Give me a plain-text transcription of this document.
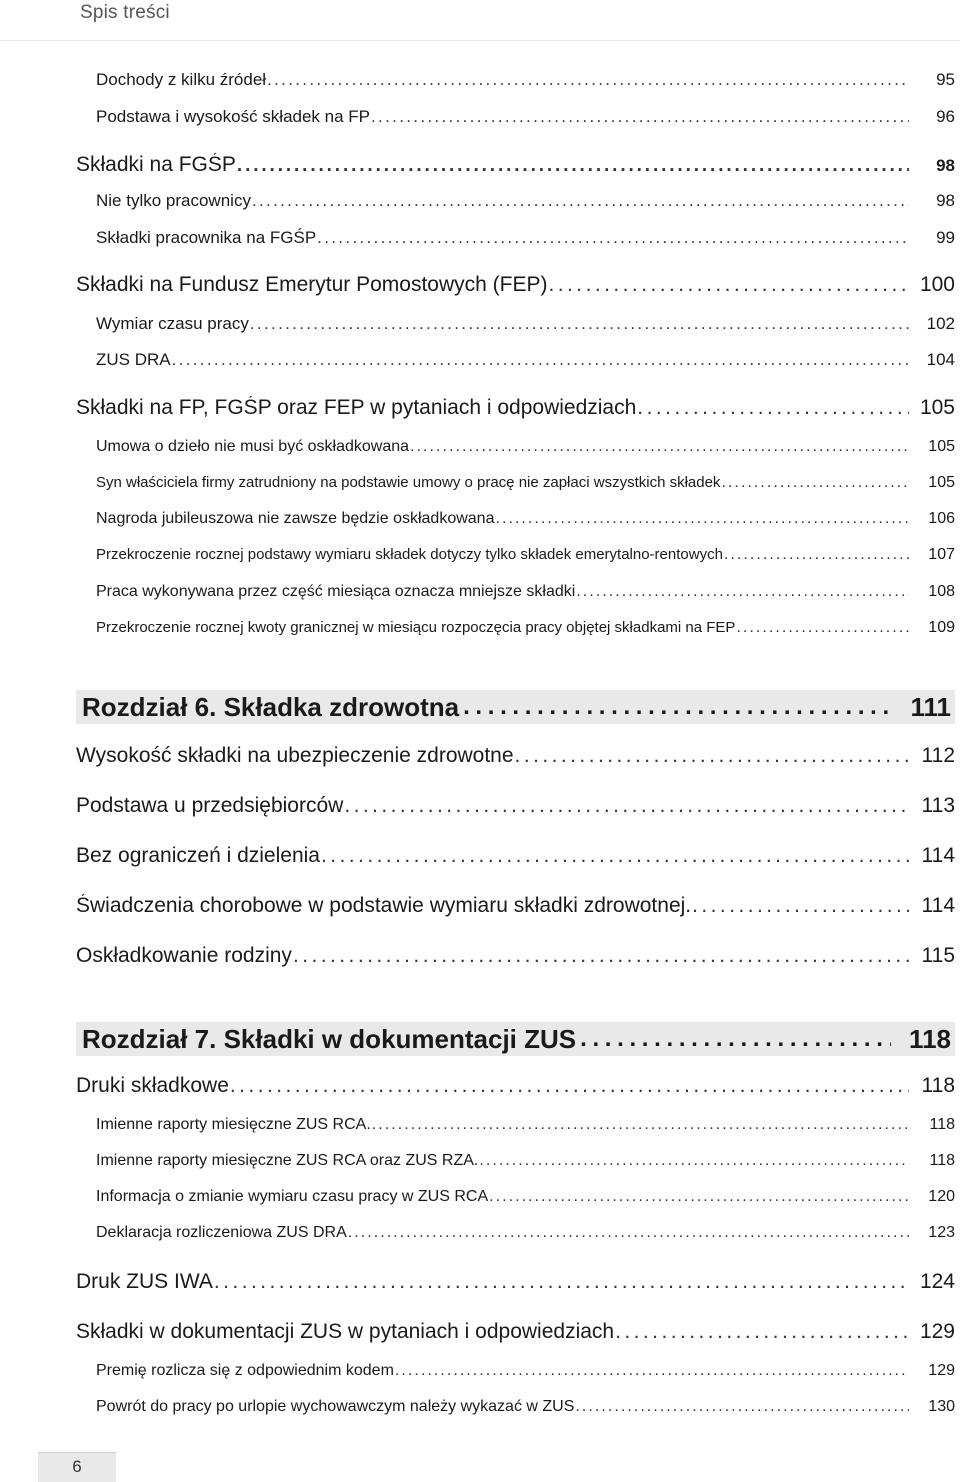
Spis treści
Dochody z kilku źródeł . . .	95
Podstawa i wysokość składek na FP . . .	96
Składki na FGŚP . . .	98
Nie tylko pracownicy . . .	98
Składki pracownika na FGŚP . . .	99
Składki na Fundusz Emerytur Pomostowych (FEP) . . .	100
Wymiar czasu pracy . . .	102
ZUS DRA . . .	104
Składki na FP, FGŚP oraz FEP w pytaniach i odpowiedziach . . .	105
Umowa o dzieło nie musi być oskładkowana . . .	105
Syn właściciela firmy zatrudniony na podstawie umowy o pracę nie zapłaci wszystkich składek . . .	105
Nagroda jubileuszowa nie zawsze będzie oskładkowana . . .	106
Przekroczenie rocznej podstawy wymiaru składek dotyczy tylko składek emerytalno-rentowych . . .	107
Praca wykonywana przez część miesiąca oznacza mniejsze składki . . .	108
Przekroczenie rocznej kwoty granicznej w miesiącu rozpoczęcia pracy objętej składkami na FEP . . .	109
Rozdział 6. Składka zdrowotna . . .	111
Wysokość składki na ubezpieczenie zdrowotne . . .	112
Podstawa u przedsiębiorców . . .	113
Bez ograniczeń i dzielenia . . .	114
Świadczenia chorobowe w podstawie wymiaru składki zdrowotnej. . . .	114
Oskładkowanie rodziny . . .	115
Rozdział 7. Składki w dokumentacji ZUS . . .	118
Druki składkowe . . .	118
Imienne raporty miesięczne ZUS RCA. . . .	118
Imienne raporty miesięczne ZUS RCA oraz ZUS RZA. . . .	118
Informacja o zmianie wymiaru czasu pracy w ZUS RCA . . .	120
Deklaracja rozliczeniowa ZUS DRA . . .	123
Druk ZUS IWA . . .	124
Składki w dokumentacji ZUS w pytaniach i odpowiedziach . . .	129
Premię rozlicza się z odpowiednim kodem . . .	129
Powrót do pracy po urlopie wychowawczym należy wykazać w ZUS . . .	130
6
